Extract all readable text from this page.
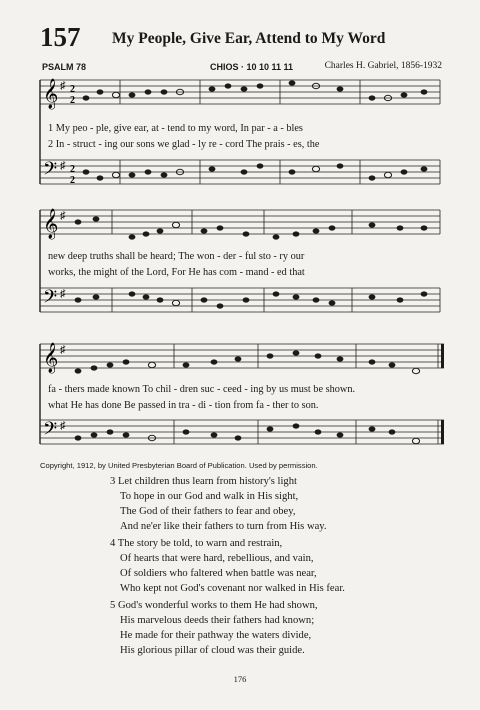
157 My People, Give Ear, Attend to My Word
PSALM 78	CHIOS · 10 10 11 11	Charles H. Gabriel, 1856-1932
𝄞
𝄢
♯
♯
2
2
2
2
1 My peo - ple, give ear, at - tend to my word, In par - a - bles
2 In - struct - ing our sons we glad - ly re - cord The prais - es, the
𝄞
𝄢
♯
♯
new deep truths shall be heard; The won - der - ful sto - ry our
works, the might of the Lord, For He has com - mand - ed that
𝄞
𝄢
♯
♯
fa - thers made known To chil - dren suc - ceed - ing by us must be shown.
what He has done Be passed in tra - di - tion from fa - ther to son.
Copyright, 1912, by United Presbyterian Board of Publication. Used by permission.
3 Let children thus learn from history's light
To hope in our God and walk in His sight,
The God of their fathers to fear and obey,
And ne'er like their fathers to turn from His way.
4 The story be told, to warn and restrain,
Of hearts that were hard, rebellious, and vain,
Of soldiers who faltered when battle was near,
Who kept not God's covenant nor walked in His fear.
5 God's wonderful works to them He had shown,
His marvelous deeds their fathers had known;
He made for their pathway the waters divide,
His glorious pillar of cloud was their guide.
176
